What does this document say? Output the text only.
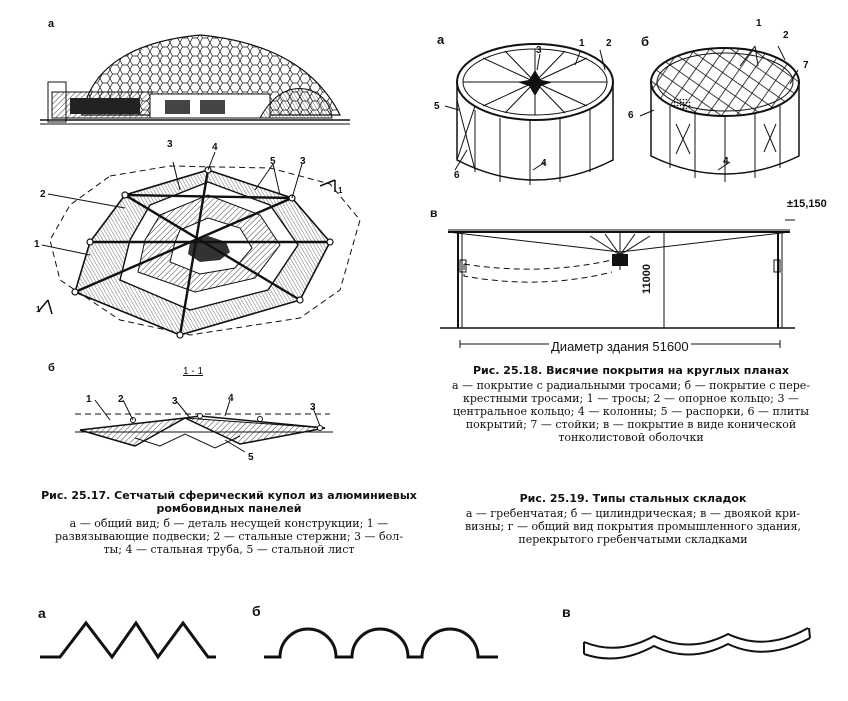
а
3	4
5 3
2
1
1
1
б	1 - 1
1	2	3	4
3
5
Рис. 25.17. Сетчатый сферический купол из алюминиевых
ромбовидных панелей
а — общий вид; б — деталь несущей конструкции; 1 —
развязывающие подвески; 2 — стальные стержни; 3 — бол-
ты; 4 — стальная труба, 5 — стальной лист
а
3
1 2
5
6
4
б
1
2
7
6
4
в
±15,150
11000
Диаметр здания 51600
Рис. 25.18. Висячие покрытия на круглых планах
а — покрытие с радиальными тросами; б — покрытие с пере-
крестными тросами; 1 — тросы; 2 — опорное кольцо; 3 —
центральное кольцо; 4 — колонны; 5 — распорки, 6 — плиты
покрытий; 7 — стойки; в — покрытие в виде конической
тонколистовой оболочки
Рис. 25.19. Типы стальных складок
а — гребенчатая; б — цилиндрическая; в — двоякой кри-
визны; г — общий вид покрытия промышленного здания,
перекрытого гребенчатыми складками
а	б	в
